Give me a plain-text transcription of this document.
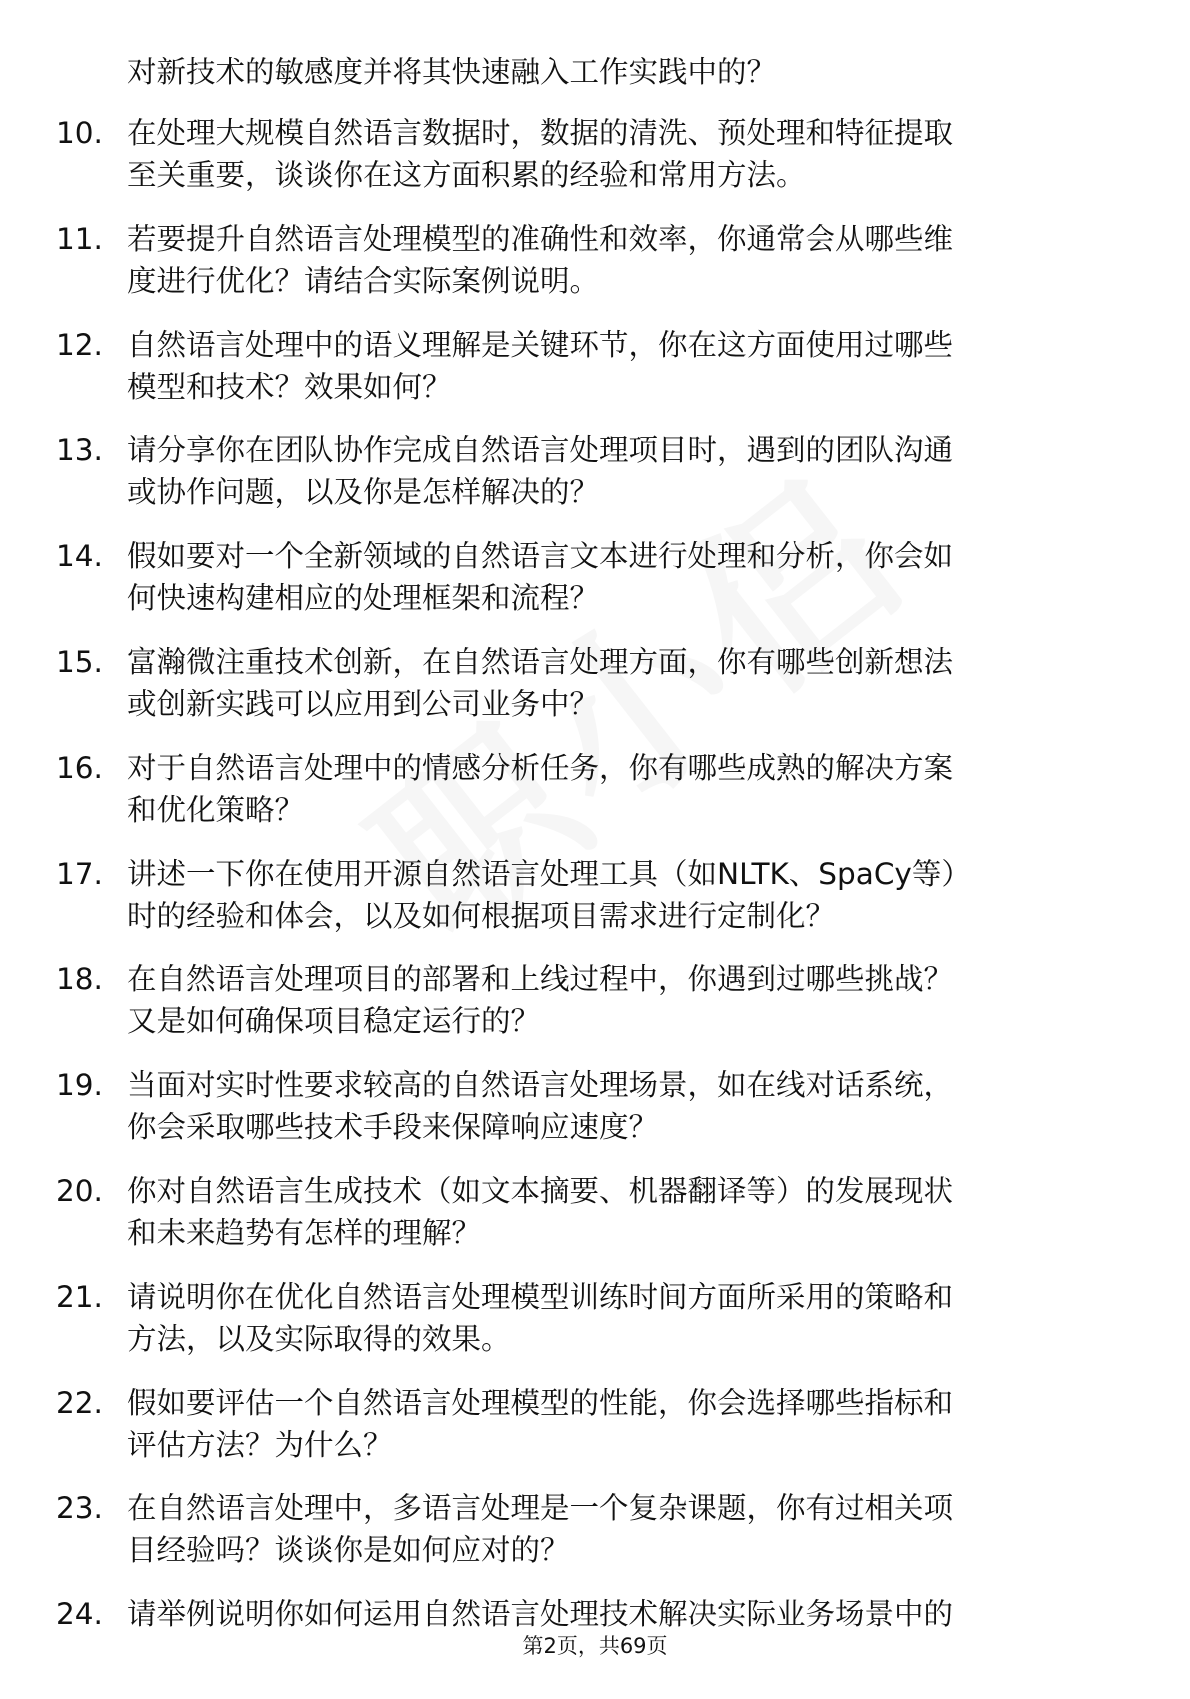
对新技术的敏感度并将其快速融入工作实践中的？
10. 在处理大规模自然语言数据时，数据的清洗、预处理和特征提取
至关重要，谈谈你在这方面积累的经验和常用方法。
11. 若要提升自然语言处理模型的准确性和效率，你通常会从哪些维
度进行优化？请结合实际案例说明。
12. 自然语言处理中的语义理解是关键环节，你在这方面使用过哪些
模型和技术？效果如何？
13. 请分享你在团队协作完成自然语言处理项目时，遇到的团队沟通
或协作问题，以及你是怎样解决的？
14. 假如要对一个全新领域的自然语言文本进行处理和分析，你会如
何快速构建相应的处理框架和流程？
15. 富瀚微注重技术创新，在自然语言处理方面，你有哪些创新想法
或创新实践可以应用到公司业务中？
16. 对于自然语言处理中的情感分析任务，你有哪些成熟的解决方案
和优化策略？
17. 讲述一下你在使用开源自然语言处理工具（如NLTK、SpaCy等）
时的经验和体会，以及如何根据项目需求进行定制化？
18. 在自然语言处理项目的部署和上线过程中，你遇到过哪些挑战？
又是如何确保项目稳定运行的？
19. 当面对实时性要求较高的自然语言处理场景，如在线对话系统，
你会采取哪些技术手段来保障响应速度？
20. 你对自然语言生成技术（如文本摘要、机器翻译等）的发展现状
和未来趋势有怎样的理解？
21. 请说明你在优化自然语言处理模型训练时间方面所采用的策略和
方法，以及实际取得的效果。
22. 假如要评估一个自然语言处理模型的性能，你会选择哪些指标和
评估方法？为什么？
23. 在自然语言处理中，多语言处理是一个复杂课题，你有过相关项
目经验吗？谈谈你是如何应对的？
24. 请举例说明你如何运用自然语言处理技术解决实际业务场景中的
第2页，共69页
